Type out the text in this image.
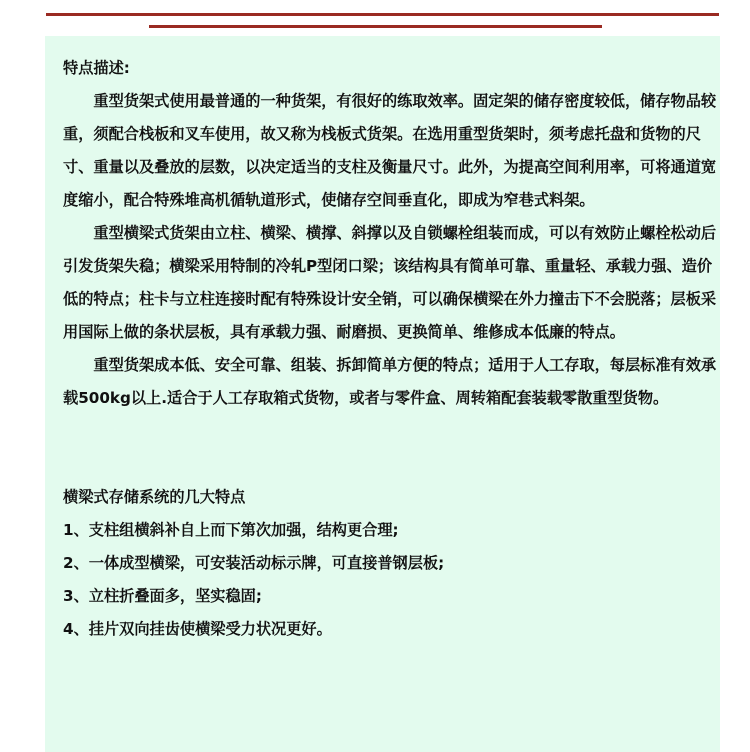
特点描述:

重型货架式使用最普通的一种货架，有很好的练取效率。固定架的储存密度较低，储存物品较重，须配合栈板和叉车使用，故又称为栈板式货架。在选用重型货架时，须考虑托盘和货物的尺寸、重量以及叠放的层数，以决定适当的支柱及衡量尺寸。此外，为提高空间利用率，可将通道宽度缩小，配合特殊堆高机循轨道形式，使储存空间垂直化，即成为窄巷式料架。

重型横梁式货架由立柱、横梁、横撑、斜撑以及自锁螺栓组装而成，可以有效防止螺栓松动后引发货架失稳；横梁采用特制的冷轧P型闭口梁；该结构具有简单可靠、重量轻、承载力强、造价低的特点；柱卡与立柱连接时配有特殊设计安全销，可以确保横梁在外力撞击下不会脱落；层板采用国际上做的条状层板，具有承载力强、耐磨损、更换简单、维修成本低廉的特点。

重型货架成本低、安全可靠、组装、拆卸简单方便的特点；适用于人工存取，每层标准有效承载500kg以上.适合于人工存取箱式货物，或者与零件盒、周转箱配套装载零散重型货物。

横梁式存储系统的几大特点

1、支柱组横斜补自上而下第次加强，结构更合理;

2、一体成型横梁，可安装活动标示牌，可直接普钢层板;

3、立柱折叠面多，坚实稳固;

4、挂片双向挂齿使横梁受力状况更好。
